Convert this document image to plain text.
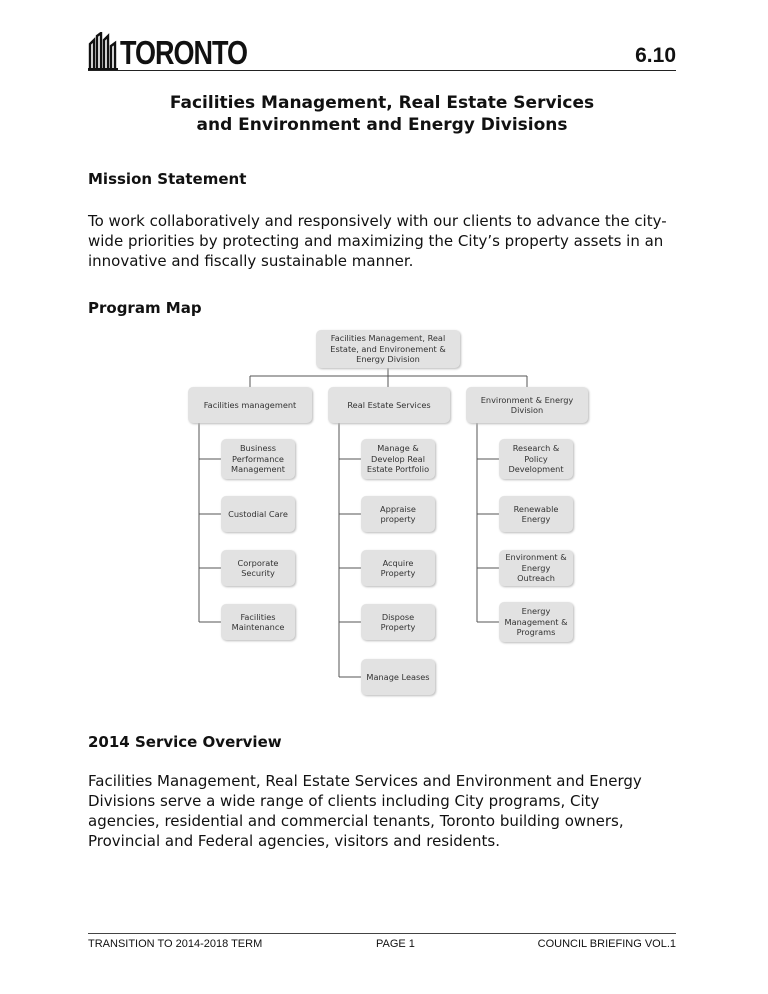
TORONTO	6.10
Facilities Management, Real Estate Services
and Environment and Energy Divisions
Mission Statement
To work collaboratively and responsively with our clients to advance the city-
wide priorities by protecting and maximizing the City’s property assets in an
innovative and fiscally sustainable manner.
Program Map
Facilities Management, Real Estate, and Environement & Energy Division
Facilities management	Real Estate Services
Environment & Energy Division
Business Performance Management
Custodial Care
Corporate Security
Facilities Maintenance
Manage & Develop Real Estate Portfolio
Appraise property
Acquire Property
Dispose Property
Manage Leases
Research & Policy Development
Renewable Energy
Environment & Energy Outreach
Energy Management & Programs
2014 Service Overview
Facilities Management, Real Estate Services and Environment and Energy
Divisions serve a wide range of clients including City programs, City
agencies, residential and commercial tenants, Toronto building owners,
Provincial and Federal agencies, visitors and residents.
TRANSITION TO 2014-2018 TERM	PAGE 1	COUNCIL BRIEFING VOL.1
